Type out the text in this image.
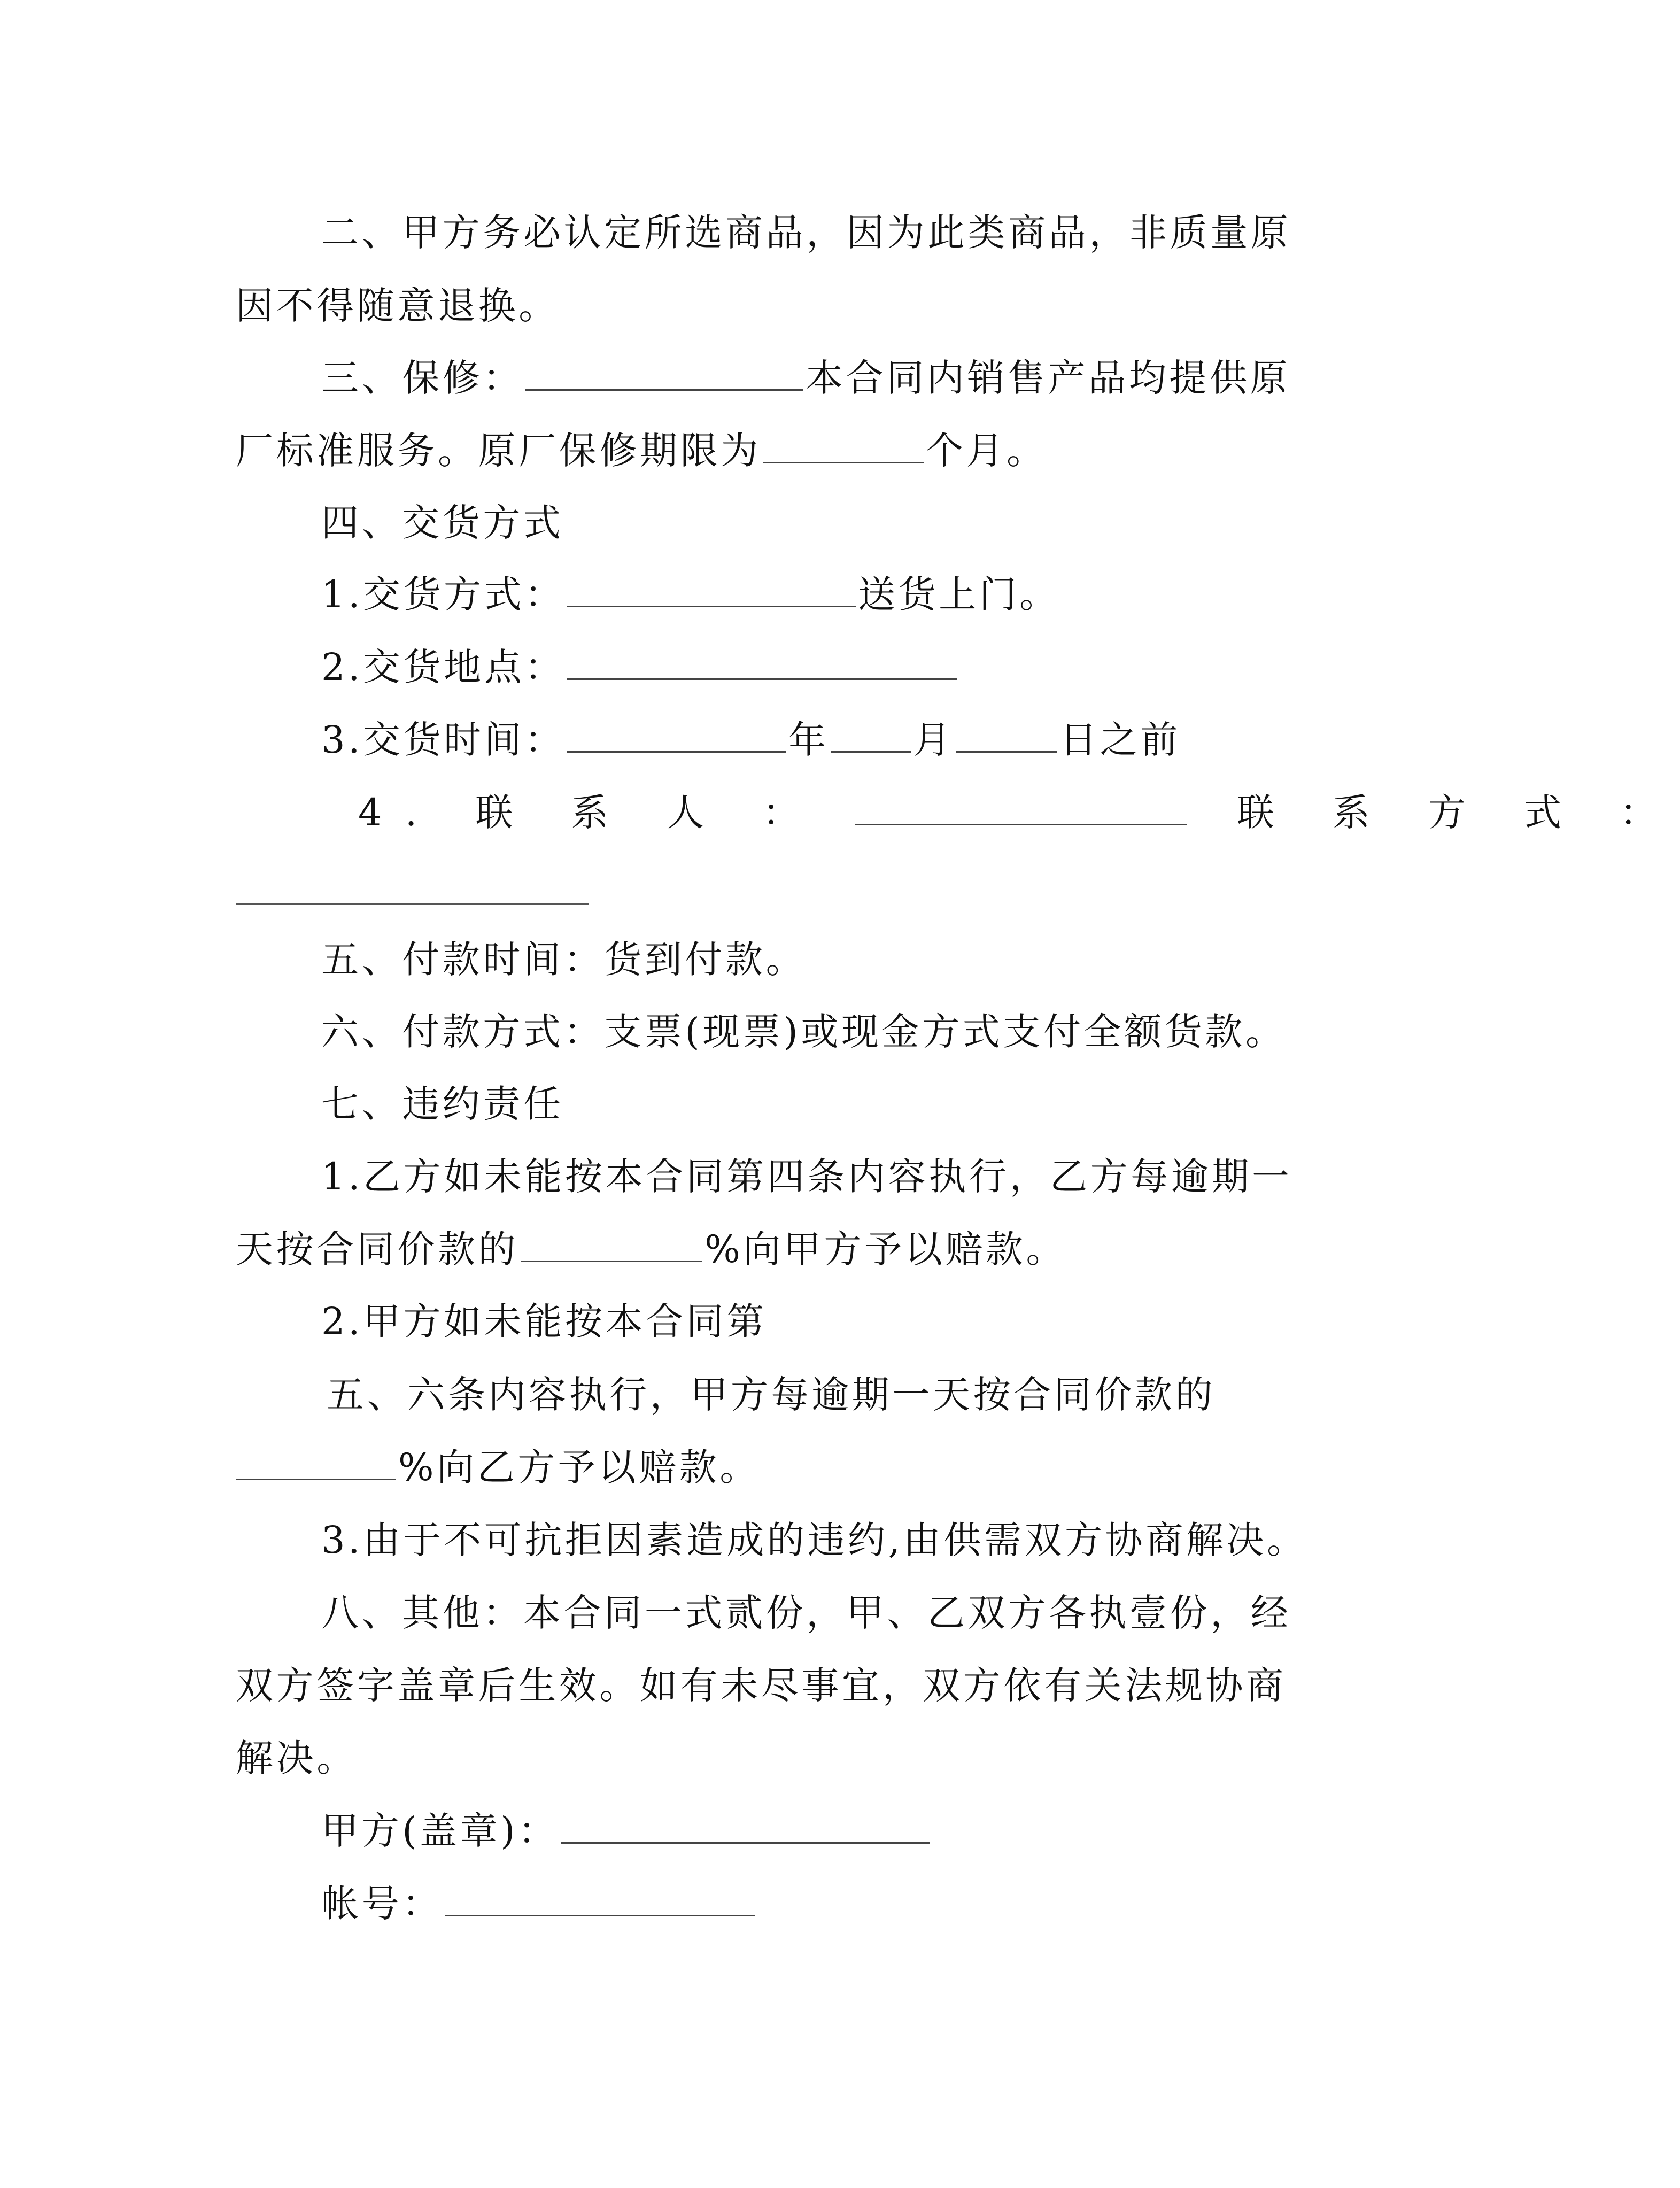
二、甲方务必认定所选商品，因为此类商品，非质量原
因不得随意退换。
三、保修：	本合同内销售产品均提供原
厂标准服务。原厂保修期限为	个月。
四、交货方式
1.交货方式：	送货上门。
2.交货地点：
3.交货时间：	年 月	日之前
4. 联 系 人 ：	联 系 方 式 ：
五、付款时间：货到付款。
六、付款方式：支票(现票)或现金方式支付全额货款。
七、违约责任
1.乙方如未能按本合同第四条内容执行，乙方每逾期一
天按合同价款的	%向甲方予以赔款。
2.甲方如未能按本合同第
五、六条内容执行，甲方每逾期一天按合同价款的
%向乙方予以赔款。
3.由于不可抗拒因素造成的违约,由供需双方协商解决。
八、其他：本合同一式贰份，甲、乙双方各执壹份，经
双方签字盖章后生效。如有未尽事宜，双方依有关法规协商
解决。
甲方(盖章)：
帐号：
